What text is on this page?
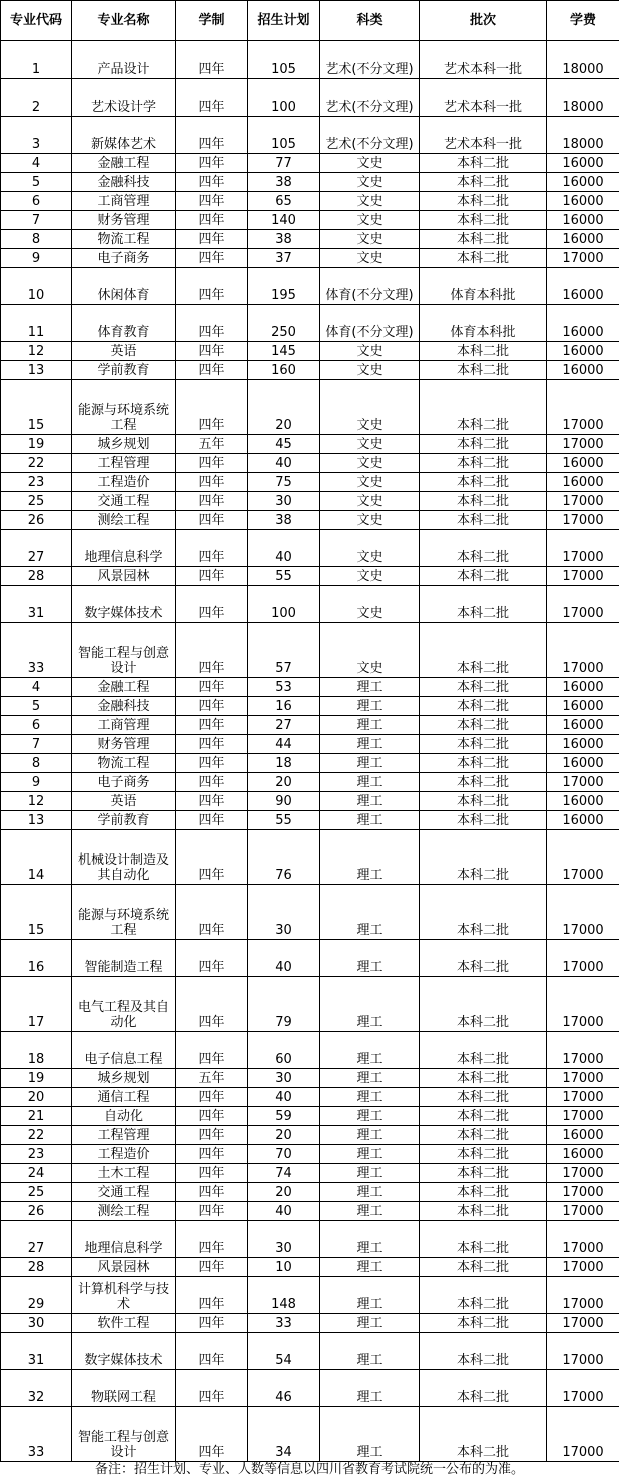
专业代码	专业名称	学制	招生计划	科类	批次	学费

1	产品设计	四年	105	艺术(不分文理)	艺术本科一批	18000

2	艺术设计学	四年	100	艺术(不分文理)	艺术本科一批	18000

3	新媒体艺术	四年	105	艺术(不分文理)	艺术本科一批	18000

4	金融工程	四年	77	文史	本科二批	16000

5	金融科技	四年	38	文史	本科二批	16000

6	工商管理	四年	65	文史	本科二批	16000

7	财务管理	四年	140	文史	本科二批	16000

8	物流工程	四年	38	文史	本科二批	16000

9	电子商务	四年	37	文史	本科二批	17000

10	休闲体育	四年	195	体育(不分文理)	体育本科批	16000

11	体育教育	四年	250	体育(不分文理)	体育本科批	16000

12	英语	四年	145	文史	本科二批	16000

13	学前教育	四年	160	文史	本科二批	16000

15	能源与环境系统工程	四年	20	文史	本科二批	17000

19	城乡规划	五年	45	文史	本科二批	17000

22	工程管理	四年	40	文史	本科二批	16000

23	工程造价	四年	75	文史	本科二批	16000

25	交通工程	四年	30	文史	本科二批	17000

26	测绘工程	四年	38	文史	本科二批	17000

27	地理信息科学	四年	40	文史	本科二批	17000

28	风景园林	四年	55	文史	本科二批	17000

31	数字媒体技术	四年	100	文史	本科二批	17000

33	智能工程与创意设计	四年	57	文史	本科二批	17000

4	金融工程	四年	53	理工	本科二批	16000

5	金融科技	四年	16	理工	本科二批	16000

6	工商管理	四年	27	理工	本科二批	16000

7	财务管理	四年	44	理工	本科二批	16000

8	物流工程	四年	18	理工	本科二批	16000

9	电子商务	四年	20	理工	本科二批	17000

12	英语	四年	90	理工	本科二批	16000

13	学前教育	四年	55	理工	本科二批	16000

14	机械设计制造及其自动化	四年	76	理工	本科二批	17000

15	能源与环境系统工程	四年	30	理工	本科二批	17000

16	智能制造工程	四年	40	理工	本科二批	17000

17	电气工程及其自动化	四年	79	理工	本科二批	17000

18	电子信息工程	四年	60	理工	本科二批	17000

19	城乡规划	五年	30	理工	本科二批	17000

20	通信工程	四年	40	理工	本科二批	17000

21	自动化	四年	59	理工	本科二批	17000

22	工程管理	四年	20	理工	本科二批	16000

23	工程造价	四年	70	理工	本科二批	16000

24	土木工程	四年	74	理工	本科二批	17000

25	交通工程	四年	20	理工	本科二批	17000

26	测绘工程	四年	40	理工	本科二批	17000

27	地理信息科学	四年	30	理工	本科二批	17000

28	风景园林	四年	10	理工	本科二批	17000

29	计算机科学与技术	四年	148	理工	本科二批	17000

30	软件工程	四年	33	理工	本科二批	17000

31	数字媒体技术	四年	54	理工	本科二批	17000

32	物联网工程	四年	46	理工	本科二批	17000

33	智能工程与创意设计	四年	34	理工	本科二批	17000
备注：招生计划、专业、人数等信息以四川省教育考试院统一公布的为准。
